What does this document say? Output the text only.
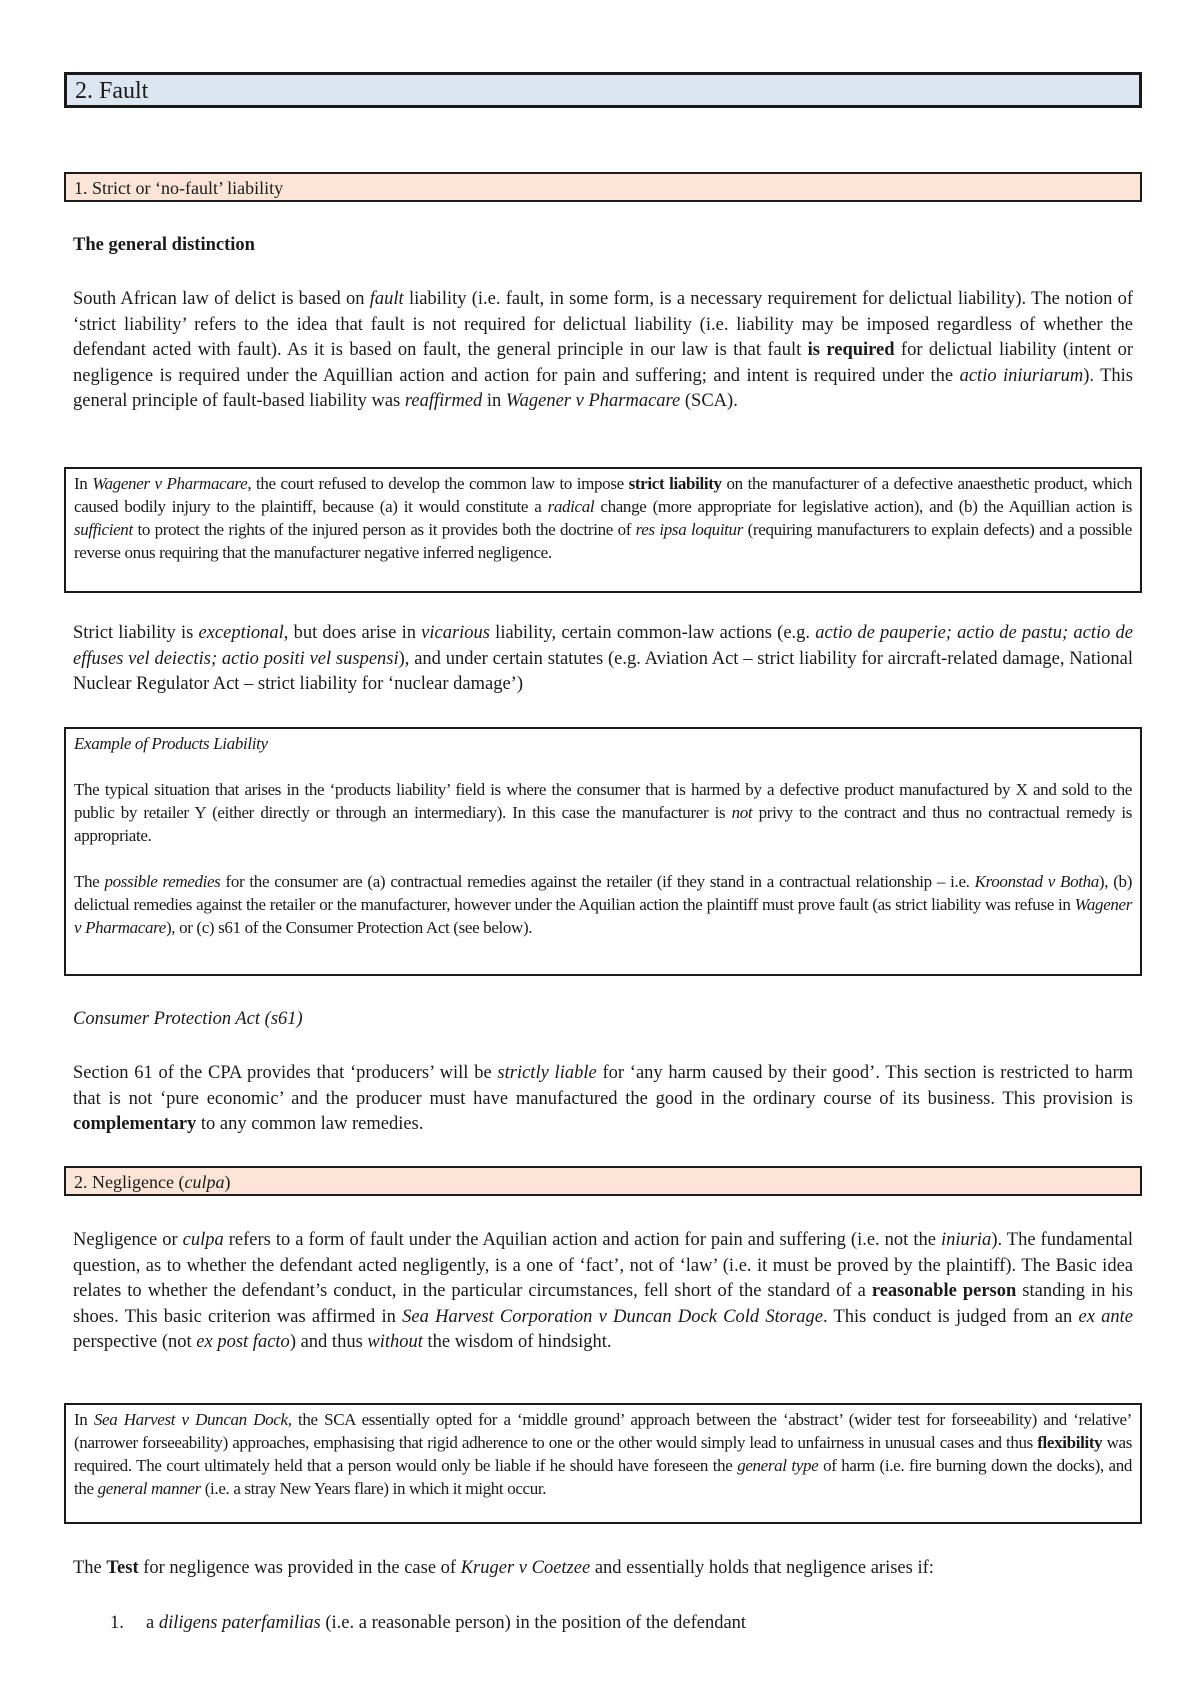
2. Fault
1. Strict or ‘no-fault’ liability

The general distinction

South African law of delict is based on fault liability (i.e. fault, in some form, is a necessary requirement for delictual liability). The notion of ‘strict liability’ refers to the idea that fault is not required for delictual liability (i.e. liability may be imposed regardless of whether the defendant acted with fault). As it is based on fault, the general principle in our law is that fault is required for delictual liability (intent or negligence is required under the Aquillian action and action for pain and suffering; and intent is required under the actio iniuriarum). This general principle of fault-based liability was reaffirmed in Wagener v Pharmacare (SCA).

In Wagener v Pharmacare, the court refused to develop the common law to impose strict liability on the manufacturer of a defective anaesthetic product, which caused bodily injury to the plaintiff, because (a) it would constitute a radical change (more appropriate for legislative action), and (b) the Aquillian action is sufficient to protect the rights of the injured person as it provides both the doctrine of res ipsa loquitur (requiring manufacturers to explain defects) and a possible reverse onus requiring that the manufacturer negative inferred negligence.

Strict liability is exceptional, but does arise in vicarious liability, certain common-law actions (e.g. actio de pauperie; actio de pastu; actio de effuses vel deiectis; actio positi vel suspensi), and under certain statutes (e.g. Aviation Act – strict liability for aircraft-related damage, National Nuclear Regulator Act – strict liability for ‘nuclear damage’)

Example of Products Liability

The typical situation that arises in the ‘products liability’ field is where the consumer that is harmed by a defective product manufactured by X and sold to the public by retailer Y (either directly or through an intermediary). In this case the manufacturer is not privy to the contract and thus no contractual remedy is appropriate.

The possible remedies for the consumer are (a) contractual remedies against the retailer (if they stand in a contractual relationship – i.e. Kroonstad v Botha), (b) delictual remedies against the retailer or the manufacturer, however under the Aquilian action the plaintiff must prove fault (as strict liability was refuse in Wagener v Pharmacare), or (c) s61 of the Consumer Protection Act (see below).

Consumer Protection Act (s61)

Section 61 of the CPA provides that ‘producers’ will be strictly liable for ‘any harm caused by their good’. This section is restricted to harm that is not ‘pure economic’ and the producer must have manufactured the good in the ordinary course of its business. This provision is complementary to any common law remedies.

2. Negligence (culpa)

Negligence or culpa refers to a form of fault under the Aquilian action and action for pain and suffering (i.e. not the iniuria). The fundamental question, as to whether the defendant acted negligently, is a one of ‘fact’, not of ‘law’ (i.e. it must be proved by the plaintiff). The Basic idea relates to whether the defendant’s conduct, in the particular circumstances, fell short of the standard of a reasonable person standing in his shoes. This basic criterion was affirmed in Sea Harvest Corporation v Duncan Dock Cold Storage. This conduct is judged from an ex ante perspective (not ex post facto) and thus without the wisdom of hindsight.

In Sea Harvest v Duncan Dock, the SCA essentially opted for a ‘middle ground’ approach between the ‘abstract’ (wider test for forseeability) and ‘relative’ (narrower forseeability) approaches, emphasising that rigid adherence to one or the other would simply lead to unfairness in unusual cases and thus flexibility was required. The court ultimately held that a person would only be liable if he should have foreseen the general type of harm (i.e. fire burning down the docks), and the general manner (i.e. a stray New Years flare) in which it might occur.

The Test for negligence was provided in the case of Kruger v Coetzee and essentially holds that negligence arises if:

1. a diligens paterfamilias (i.e. a reasonable person) in the position of the defendant
